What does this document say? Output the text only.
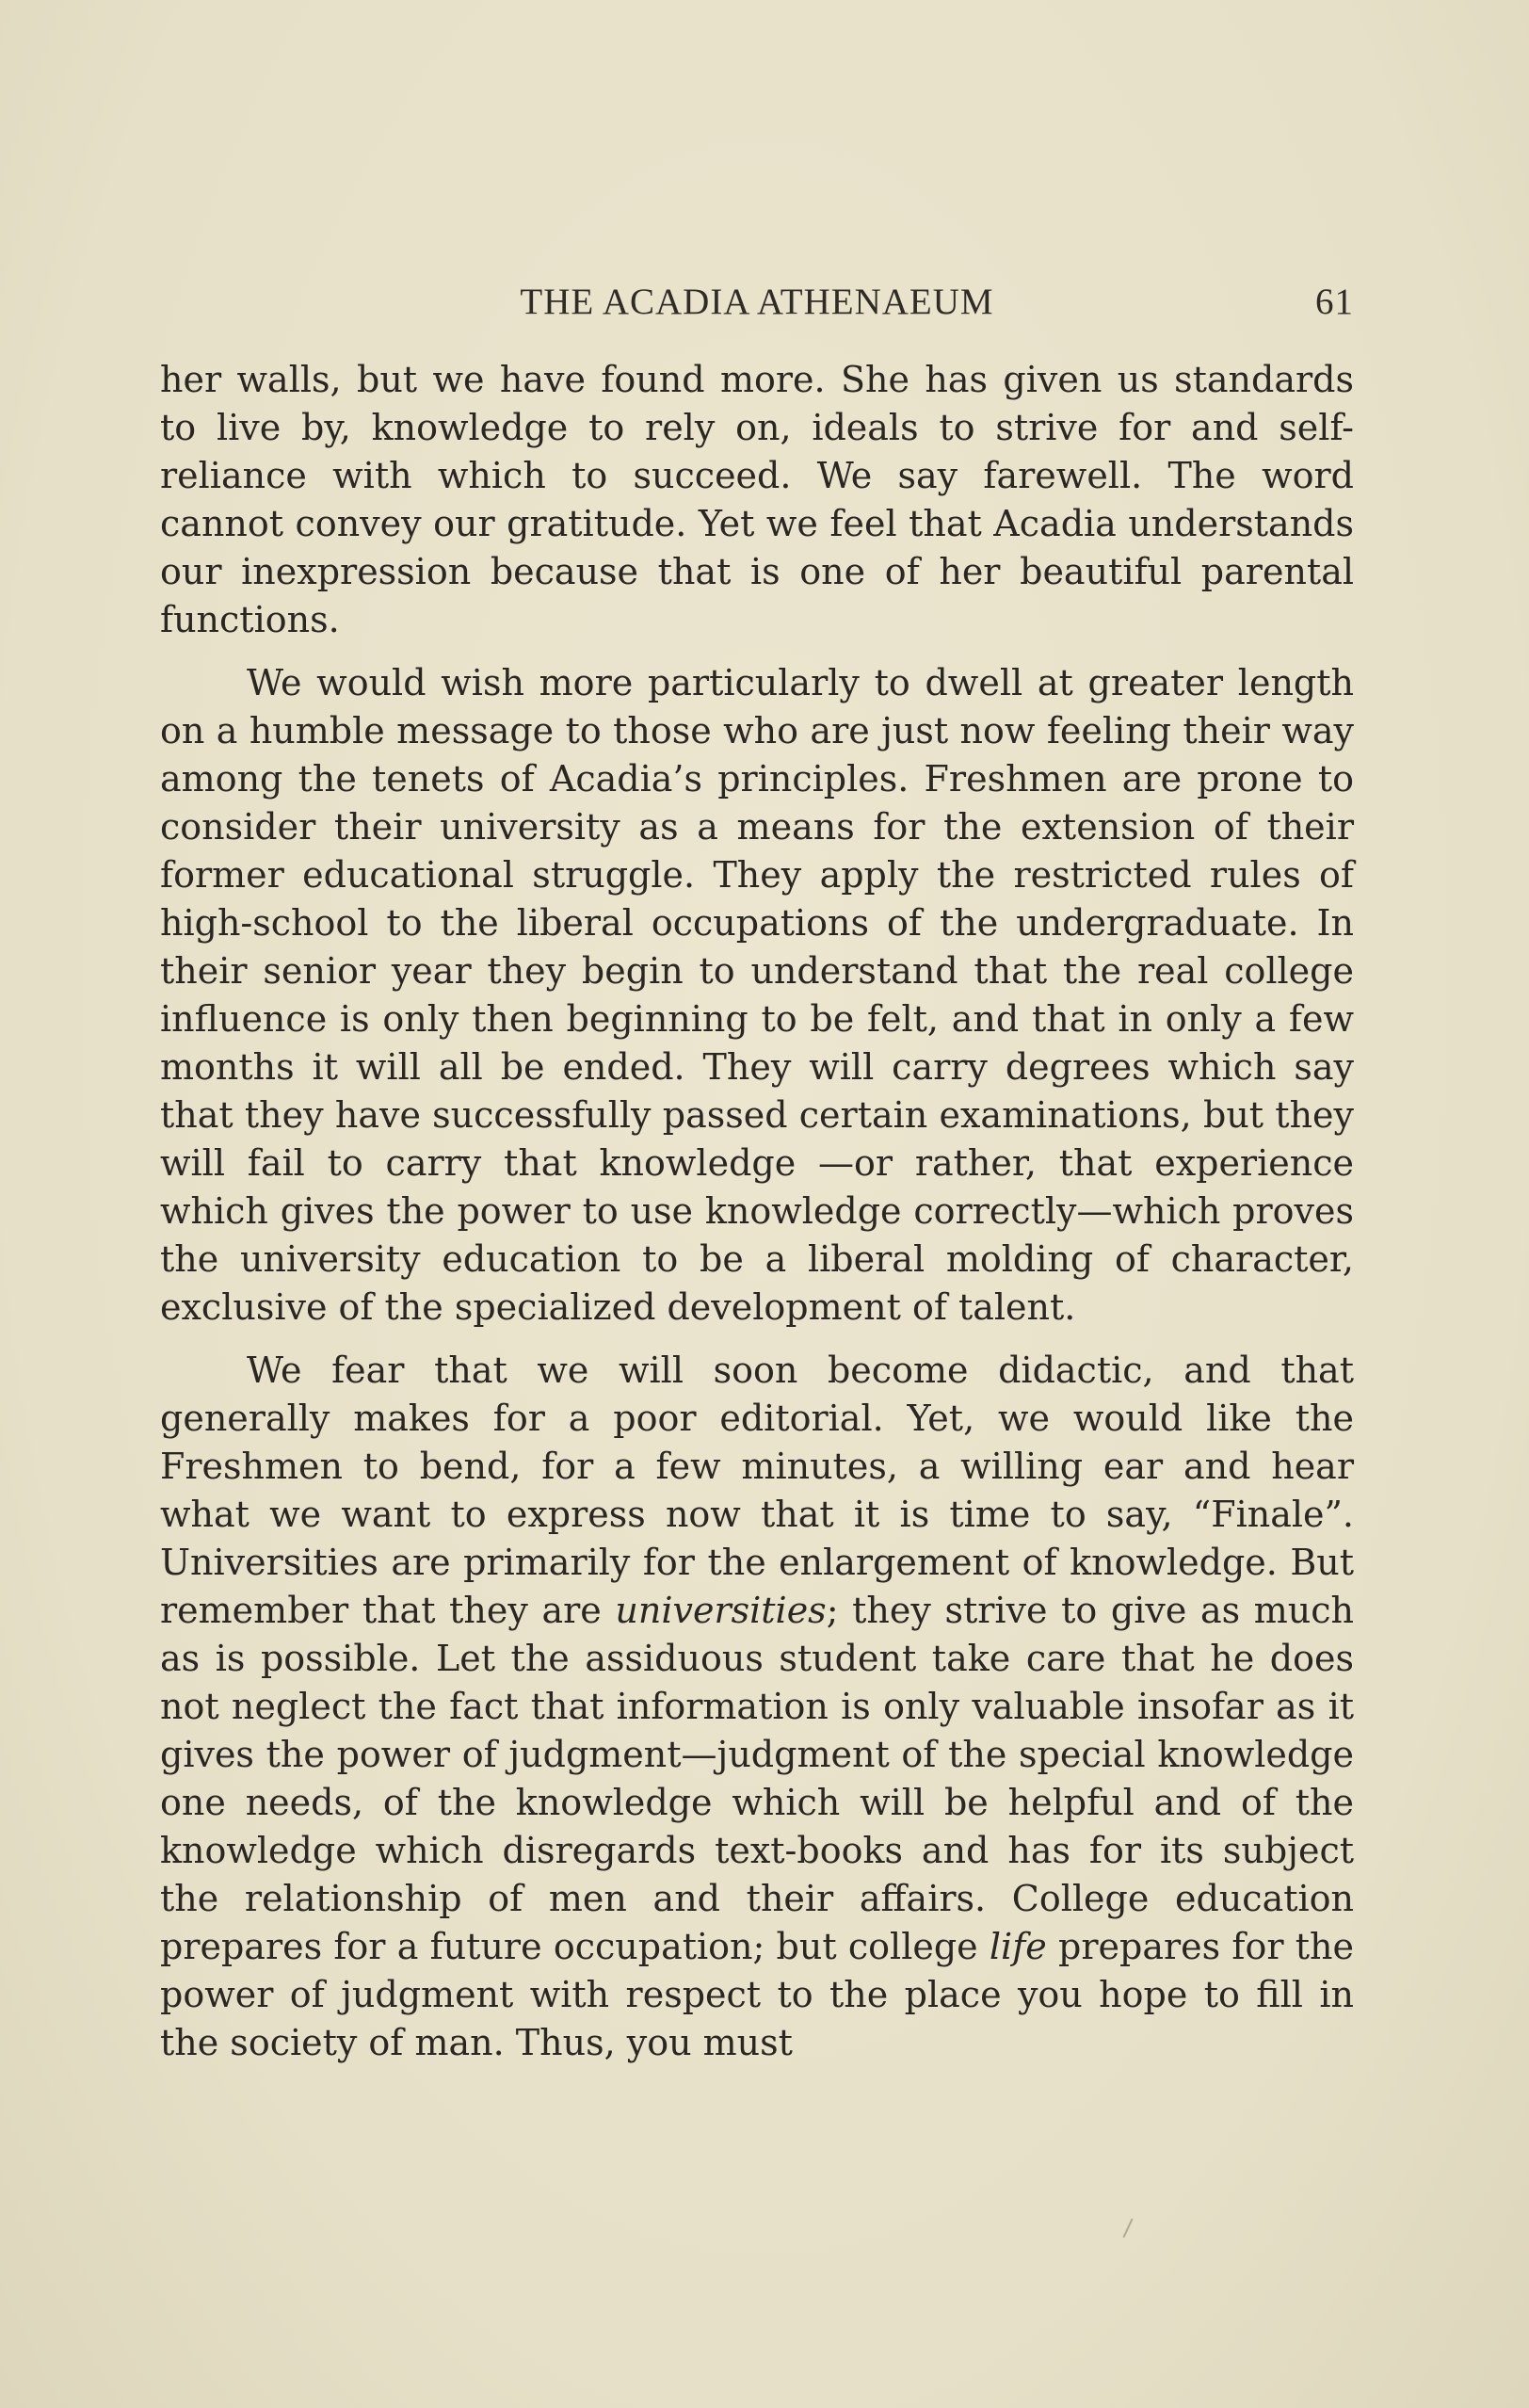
THE ACADIA ATHENAEUM	61

her walls, but we have found more. She has given us standards to live by, knowledge to rely on, ideals to strive for and self-reliance with which to succeed. We say farewell. The word cannot convey our gratitude. Yet we feel that Acadia understands our inexpression because that is one of her beautiful parental functions.

We would wish more particularly to dwell at greater length on a humble message to those who are just now feeling their way among the tenets of Acadia’s principles. Freshmen are prone to consider their university as a means for the extension of their former educational struggle. They apply the restricted rules of high-school to the liberal occupations of the undergraduate. In their senior year they begin to understand that the real college influence is only then beginning to be felt, and that in only a few months it will all be ended. They will carry degrees which say that they have successfully passed certain examinations, but they will fail to carry that knowledge —or rather, that experience which gives the power to use knowledge correctly—which proves the university education to be a liberal molding of character, exclusive of the specialized development of talent.

We fear that we will soon become didactic, and that generally makes for a poor editorial. Yet, we would like the Freshmen to bend, for a few minutes, a willing ear and hear what we want to express now that it is time to say, “Finale”. Universities are primarily for the enlargement of knowledge. But remember that they are universities; they strive to give as much as is possible. Let the assiduous student take care that he does not neglect the fact that information is only valuable insofar as it gives the power of judgment—judgment of the special knowledge one needs, of the knowledge which will be helpful and of the knowledge which disregards text-books and has for its subject the relationship of men and their affairs. College education prepares for a future occupation; but college life prepares for the power of judgment with respect to the place you hope to fill in the society of man. Thus, you must
